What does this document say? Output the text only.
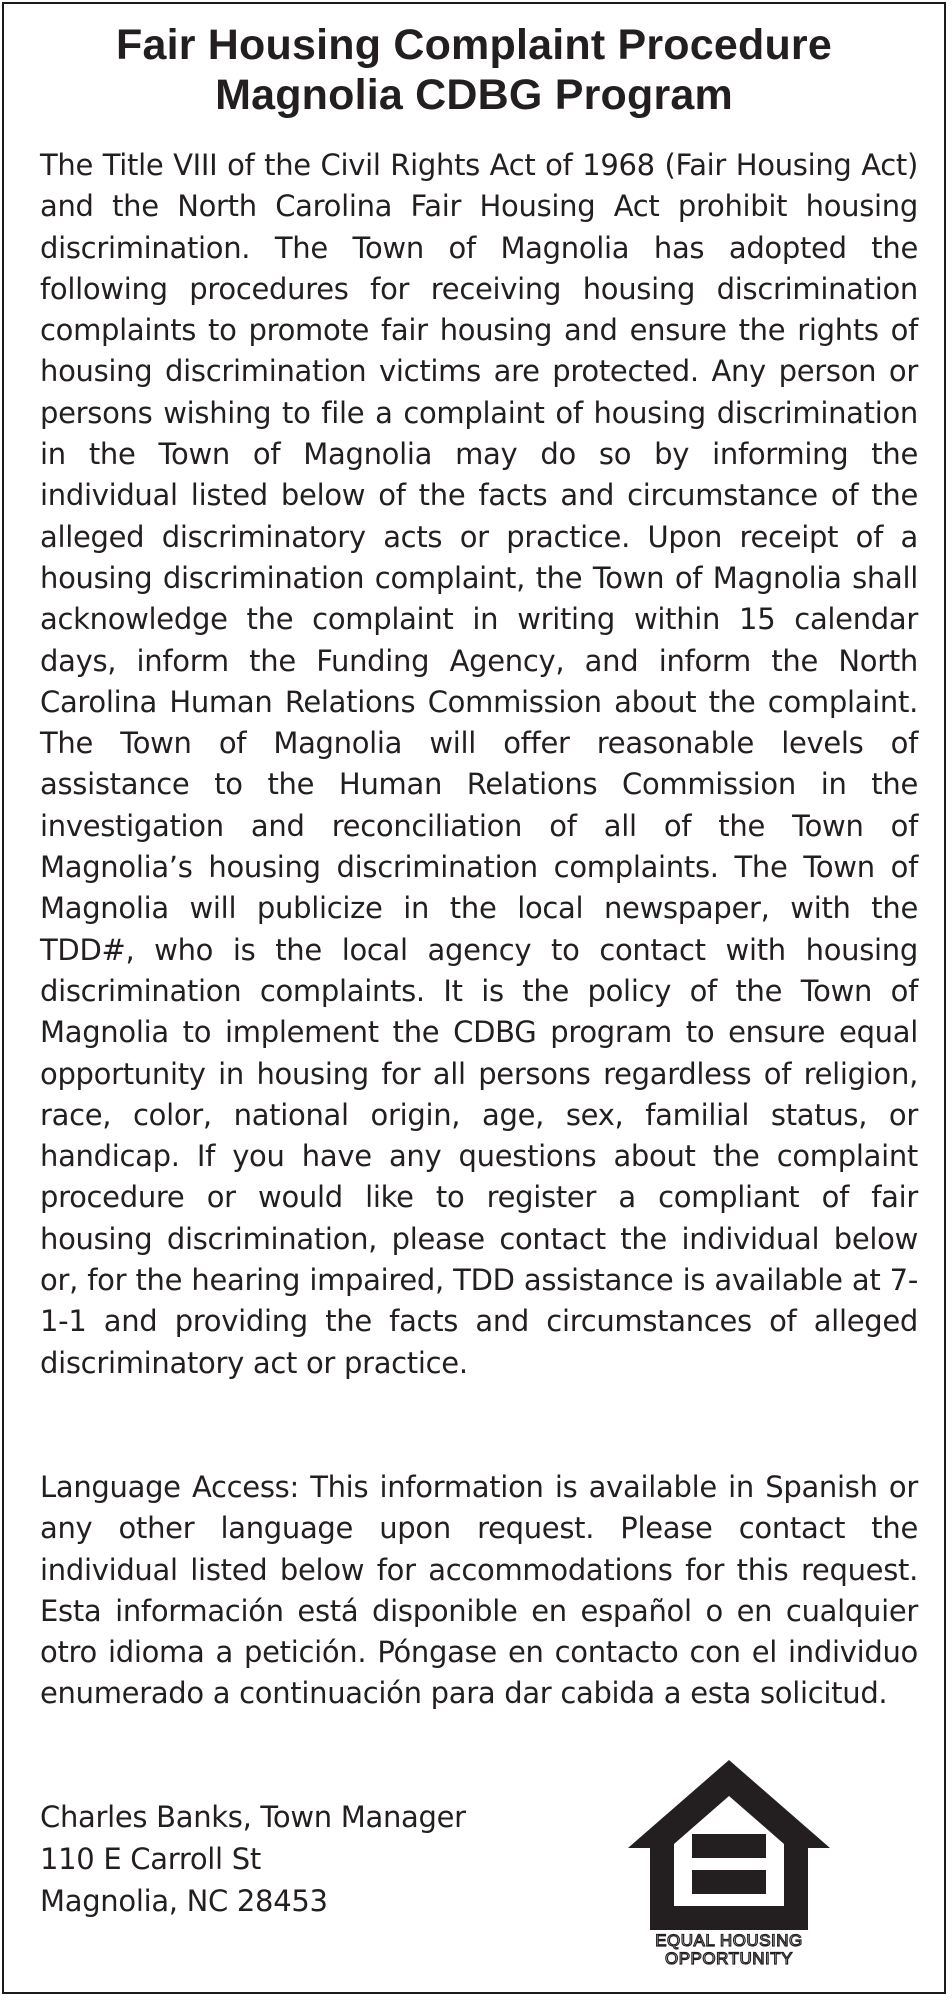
Fair Housing Complaint Procedure
Magnolia CDBG Program
The Title VIII of the Civil Rights Act of 1968 (Fair Housing Act) and the North Carolina Fair Housing Act prohibit housing discrimination. The Town of Magnolia has adopted the following procedures for receiving housing discrimination complaints to promote fair housing and ensure the rights of housing discrimination victims are protected. Any person or persons wishing to file a complaint of housing discrimination in the Town of Magnolia may do so by informing the individual listed below of the facts and circumstance of the alleged discriminatory acts or practice. Upon receipt of a housing discrimination complaint, the Town of Magnolia shall acknowledge the complaint in writing within 15 calendar days, inform the Funding Agency, and inform the North Carolina Human Relations Commission about the complaint. The Town of Magnolia will offer reasonable levels of assistance to the Human Relations Commission in the investigation and reconciliation of all of the Town of Magnolia’s housing discrimination complaints. The Town of Magnolia will publicize in the local newspaper, with the TDD#, who is the local agency to contact with housing discrimination complaints. It is the policy of the Town of Magnolia to implement the CDBG program to ensure equal opportunity in housing for all persons regardless of religion, race, color, national origin, age, sex, familial status, or handicap. If you have any questions about the complaint procedure or would like to register a compliant of fair housing discrimination, please contact the individual below or, for the hearing impaired, TDD assistance is available at 7-1-1 and providing the facts and circumstances of alleged discriminatory act or practice.
Language Access: This information is available in Spanish or any other language upon request. Please contact the individual listed below for accommodations for this request. Esta información está disponible en español o en cualquier otro idioma a petición. Póngase en contacto con el individuo enumerado a continuación para dar cabida a esta solicitud.
Charles Banks, Town Manager
110 E Carroll St
Magnolia, NC 28453
EQUAL HOUSING
OPPORTUNITY
